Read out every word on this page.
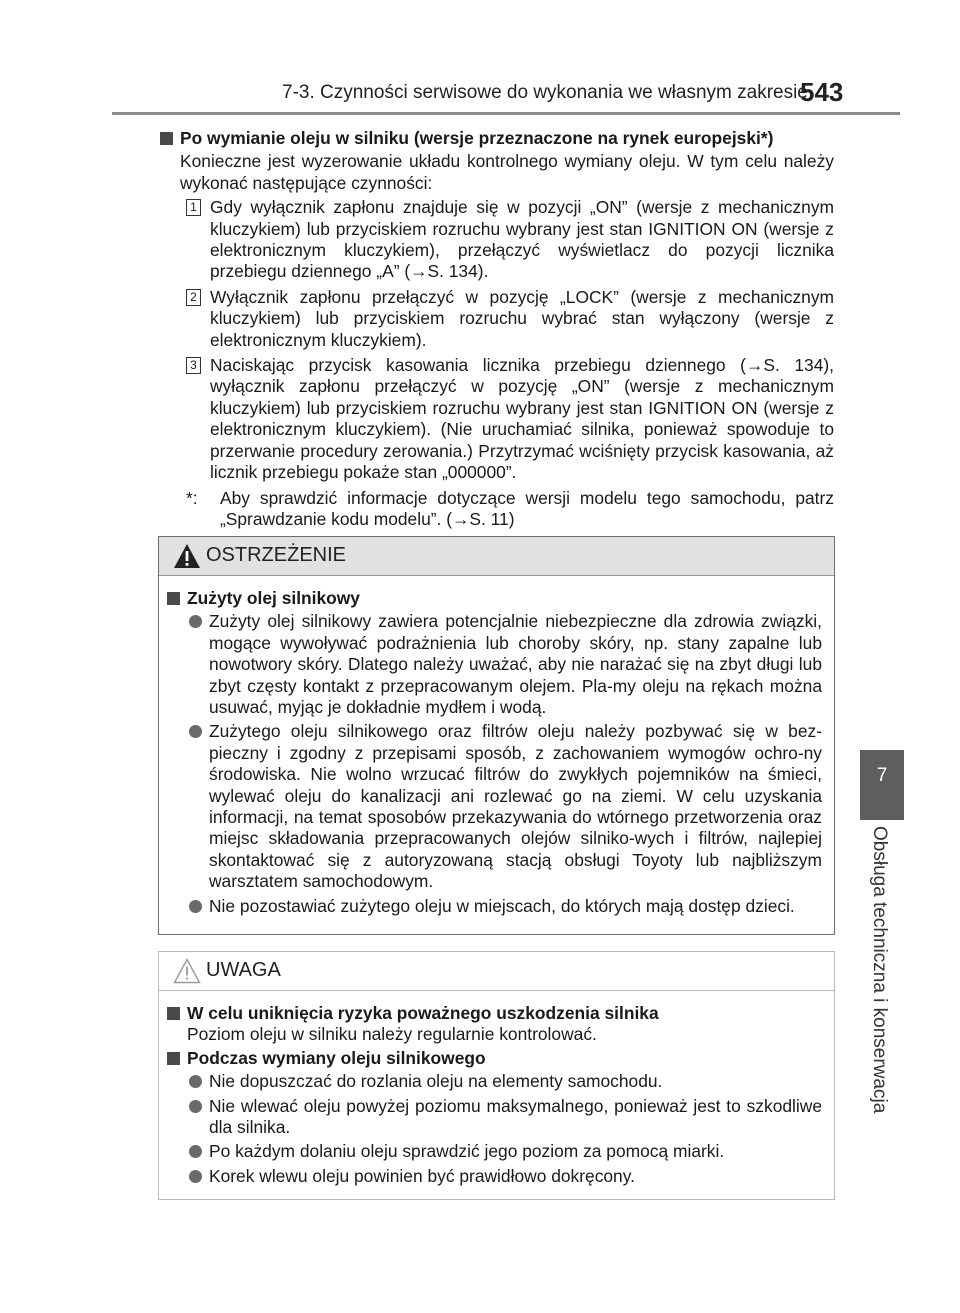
7-3. Czynności serwisowe do wykonania we własnym zakresie
543
7
Obsługa techniczna i konserwacja
Po wymianie oleju w silniku (wersje przeznaczone na rynek europejski*)
Konieczne jest wyzerowanie układu kontrolnego wymiany oleju. W tym celu należy wykonać następujące czynności:
1 Gdy wyłącznik zapłonu znajduje się w pozycji „ON” (wersje z mechanicznym kluczykiem) lub przyciskiem rozruchu wybrany jest stan IGNITION ON (wersje z elektronicznym kluczykiem), przełączyć wyświetlacz do pozycji licznika przebiegu dziennego „A” (→S. 134).
2 Wyłącznik zapłonu przełączyć w pozycję „LOCK” (wersje z mechanicznym kluczykiem) lub przyciskiem rozruchu wybrać stan wyłączony (wersje z elektronicznym kluczykiem).
3 Naciskając przycisk kasowania licznika przebiegu dziennego (→S. 134), wyłącznik zapłonu przełączyć w pozycję „ON” (wersje z mechanicznym kluczykiem) lub przyciskiem rozruchu wybrany jest stan IGNITION ON (wersje z elektronicznym kluczykiem). (Nie uruchamiać silnika, ponieważ spowoduje to przerwanie procedury zerowania.) Przytrzymać wciśnięty przycisk kasowania, aż licznik przebiegu pokaże stan „000000”.
*: Aby sprawdzić informacje dotyczące wersji modelu tego samochodu, patrz „Sprawdzanie kodu modelu”. (→S. 11)
OSTRZEŻENIE
Zużyty olej silnikowy
Zużyty olej silnikowy zawiera potencjalnie niebezpieczne dla zdrowia związki, mogące wywoływać podrażnienia lub choroby skóry, np. stany zapalne lub nowotwory skóry. Dlatego należy uważać, aby nie narażać się na zbyt długi lub zbyt częsty kontakt z przepracowanym olejem. Pla-my oleju na rękach można usuwać, myjąc je dokładnie mydłem i wodą.
Zużytego oleju silnikowego oraz filtrów oleju należy pozbywać się w bez-pieczny i zgodny z przepisami sposób, z zachowaniem wymogów ochro-ny środowiska. Nie wolno wrzucać filtrów do zwykłych pojemników na śmieci, wylewać oleju do kanalizacji ani rozlewać go na ziemi. W celu uzyskania informacji, na temat sposobów przekazywania do wtórnego przetworzenia oraz miejsc składowania przepracowanych olejów silniko-wych i filtrów, najlepiej skontaktować się z autoryzowaną stacją obsługi Toyoty lub najbliższym warsztatem samochodowym.
Nie pozostawiać zużytego oleju w miejscach, do których mają dostęp dzieci.
UWAGA
W celu uniknięcia ryzyka poważnego uszkodzenia silnika
Poziom oleju w silniku należy regularnie kontrolować.
Podczas wymiany oleju silnikowego
Nie dopuszczać do rozlania oleju na elementy samochodu.
Nie wlewać oleju powyżej poziomu maksymalnego, ponieważ jest to szkodliwe dla silnika.
Po każdym dolaniu oleju sprawdzić jego poziom za pomocą miarki.
Korek wlewu oleju powinien być prawidłowo dokręcony.
